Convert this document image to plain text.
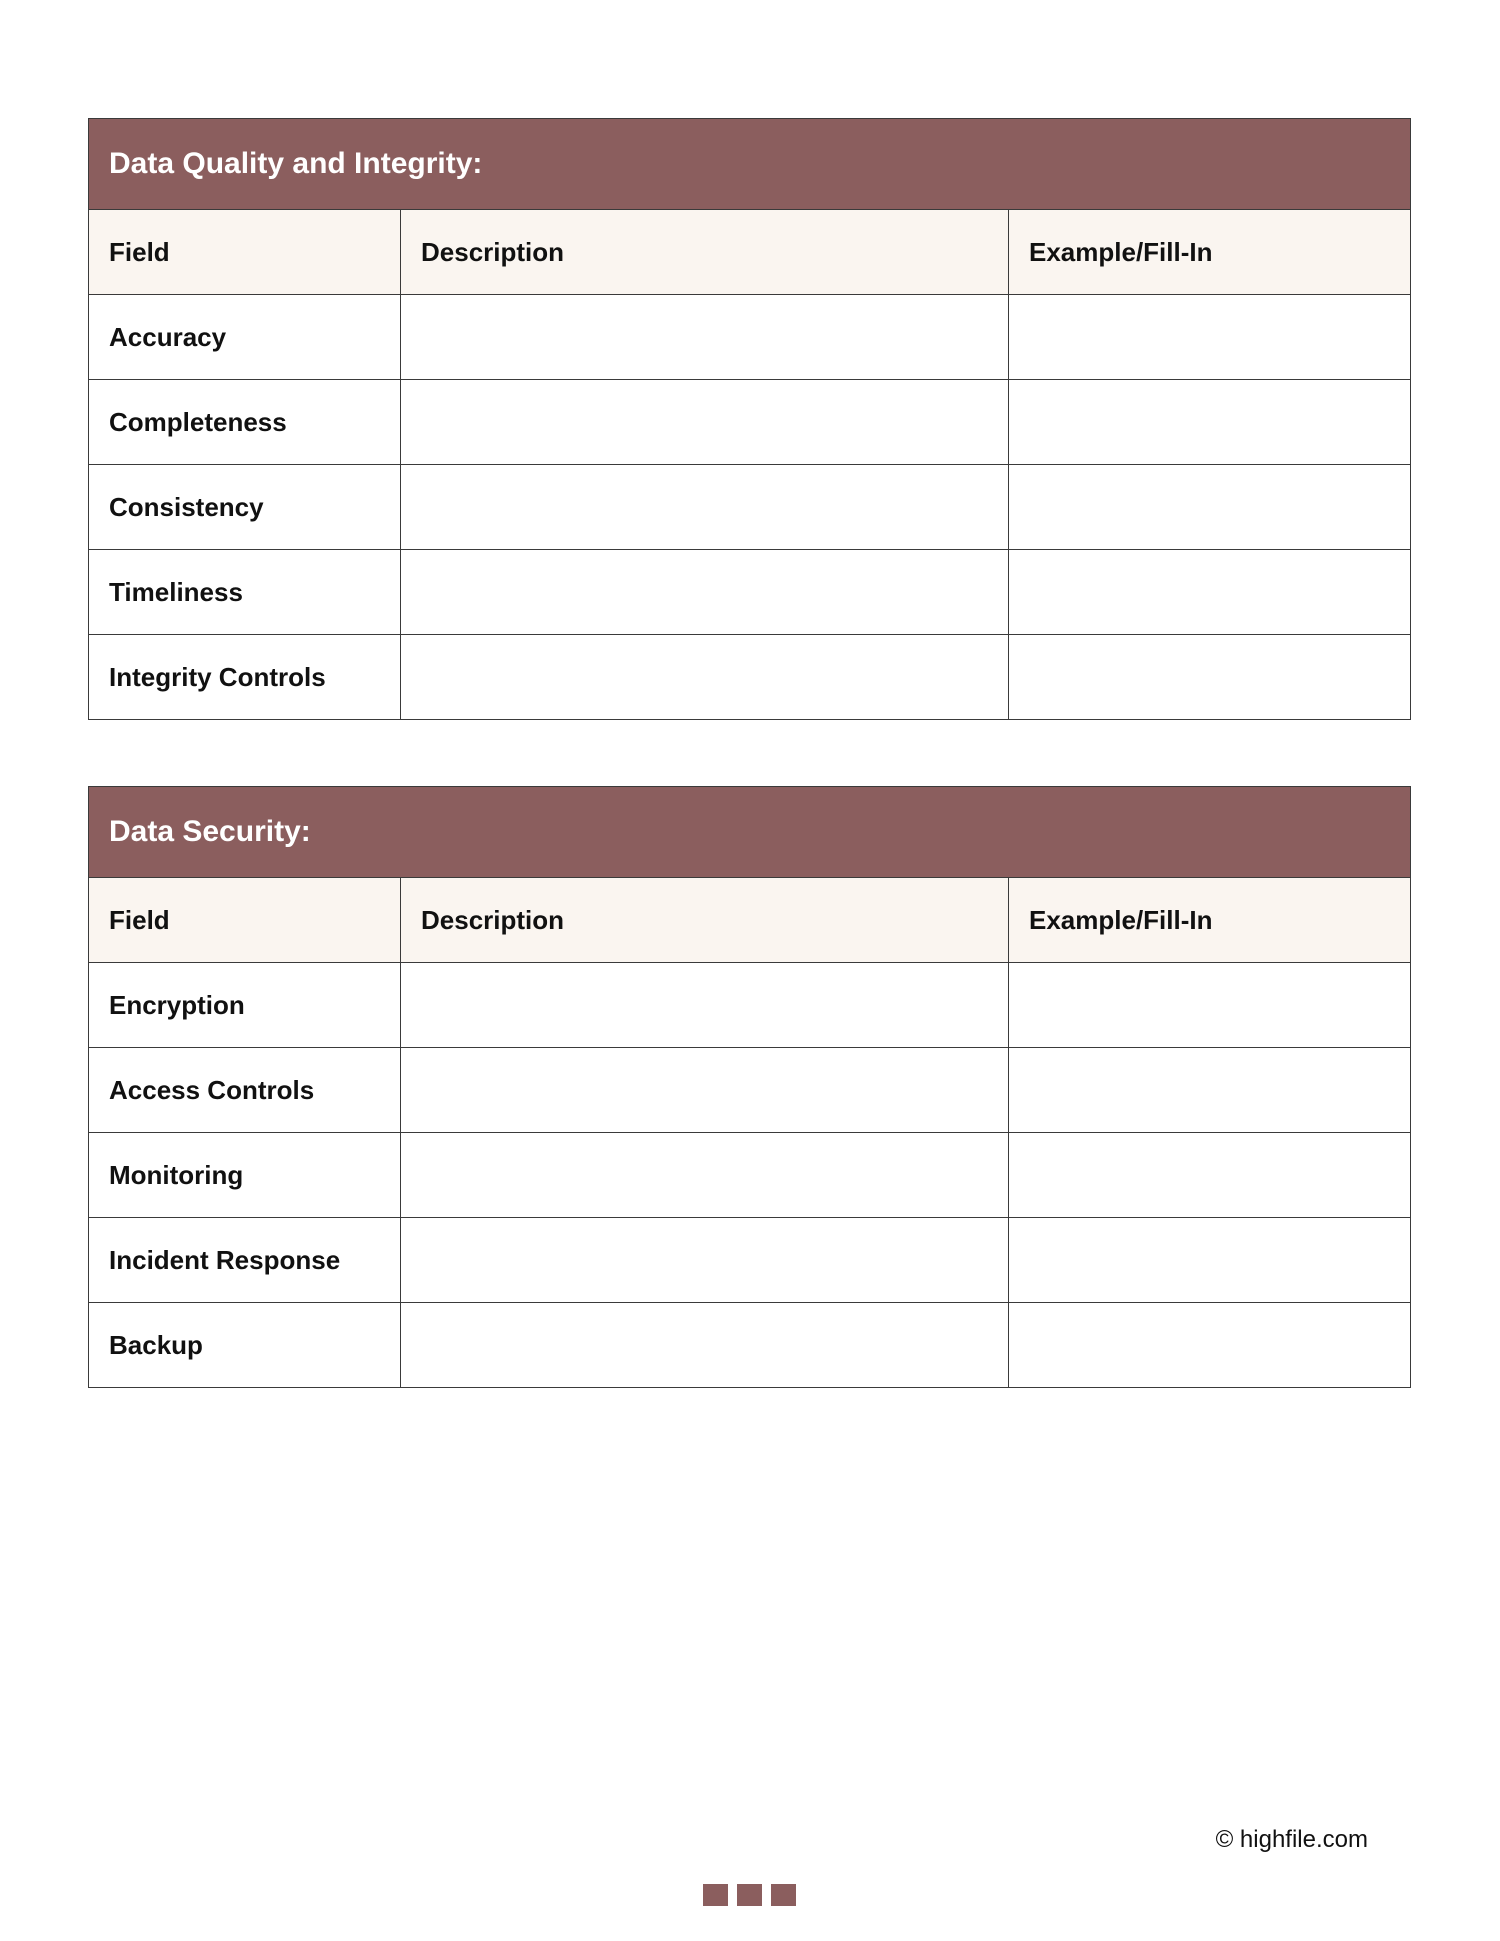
Data Quality and Integrity:		
Field	Description	Example/Fill-In
Accuracy		
Completeness		
Consistency		
Timeliness		
Integrity Controls		
Data Security:		
Field	Description	Example/Fill-In
Encryption		
Access Controls		
Monitoring		
Incident Response		
Backup		
© highfile.com
